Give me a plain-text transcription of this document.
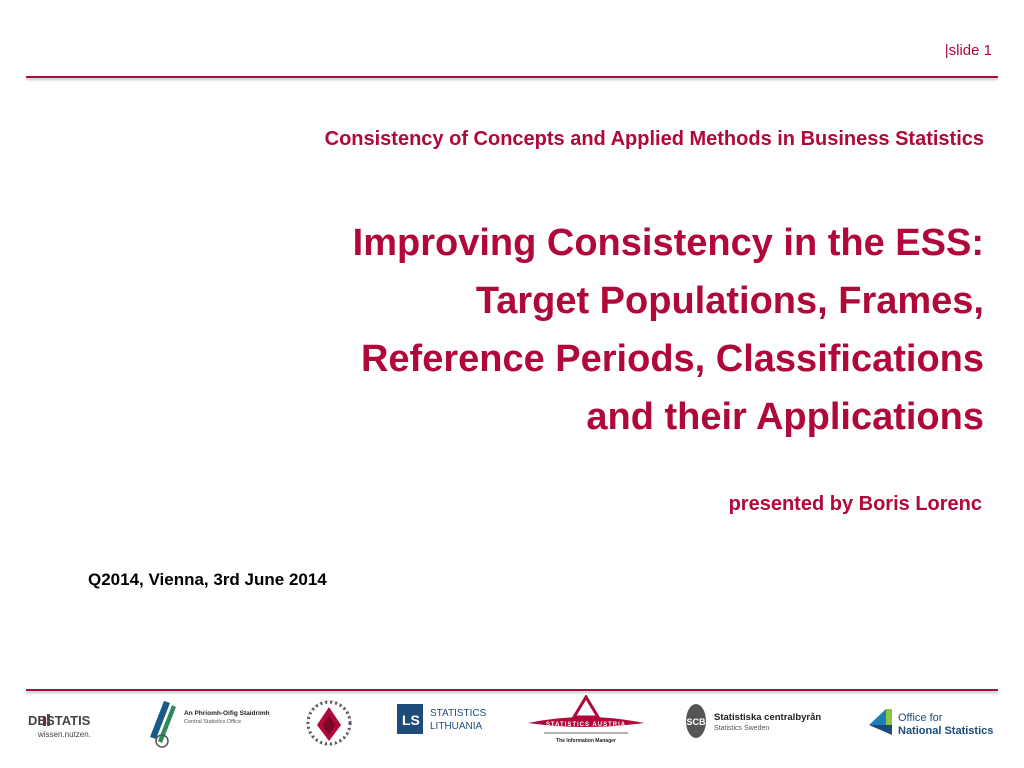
|slide 1
Consistency of Concepts and Applied Methods in Business Statistics
Improving Consistency in the ESS:
Target Populations, Frames,
Reference Periods, Classifications
and their Applications
presented by Boris Lorenc
Q2014, Vienna, 3rd June 2014
DESTATIS
wissen.nutzen.
An Phríomh-Oifig Staidrimh
Central Statistics Office	LS STATISTICS
LITHUANIA	STATISTICS AUSTRIA
The Information Manager
SCB Statistiska centralbyrån
Statistics Sweden
Office for
National Statistics
